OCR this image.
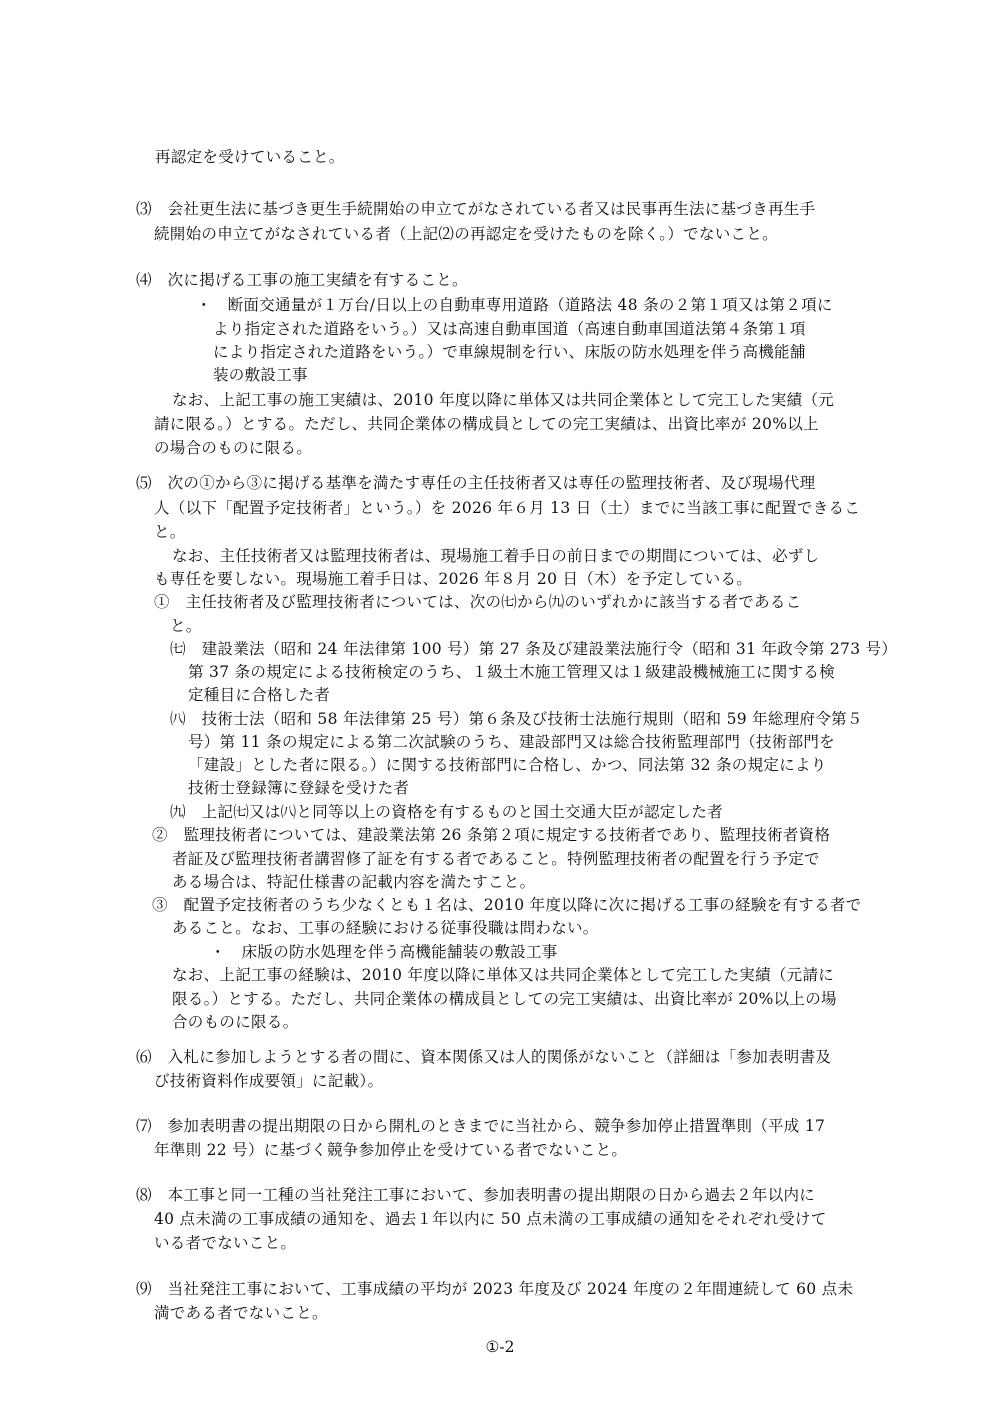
再認定を受けていること。
⑶　会社更生法に基づき更生手続開始の申立てがなされている者又は民事再生法に基づき再生手
続開始の申立てがなされている者（上記⑵の再認定を受けたものを除く。）でないこと。
⑷　次に掲げる工事の施工実績を有すること。
・　断面交通量が１万台/日以上の自動車専用道路（道路法 48 条の２第１項又は第２項に
より指定された道路をいう。）又は高速自動車国道（高速自動車国道法第４条第１項
により指定された道路をいう。）で車線規制を行い、床版の防水処理を伴う高機能舗
装の敷設工事
なお、上記工事の施工実績は、2010 年度以降に単体又は共同企業体として完工した実績（元
請に限る。）とする。ただし、共同企業体の構成員としての完工実績は、出資比率が 20%以上
の場合のものに限る。
⑸　次の①から③に掲げる基準を満たす専任の主任技術者又は専任の監理技術者、及び現場代理
人（以下「配置予定技術者」という。）を 2026 年６月 13 日（土）までに当該工事に配置できるこ
と。
なお、主任技術者又は監理技術者は、現場施工着手日の前日までの期間については、必ずし
も専任を要しない。現場施工着手日は、2026 年８月 20 日（木）を予定している。
①　主任技術者及び監理技術者については、次の㈦から㈨のいずれかに該当する者であるこ
と。
㈦　建設業法（昭和 24 年法律第 100 号）第 27 条及び建設業法施行令（昭和 31 年政令第 273 号）
第 37 条の規定による技術検定のうち、１級土木施工管理又は１級建設機械施工に関する検
定種目に合格した者
㈧　技術士法（昭和 58 年法律第 25 号）第６条及び技術士法施行規則（昭和 59 年総理府令第５
号）第 11 条の規定による第二次試験のうち、建設部門又は総合技術監理部門（技術部門を
「建設」とした者に限る。）に関する技術部門に合格し、かつ、同法第 32 条の規定により
技術士登録簿に登録を受けた者
㈨　上記㈦又は㈧と同等以上の資格を有するものと国土交通大臣が認定した者
②　監理技術者については、建設業法第 26 条第２項に規定する技術者であり、監理技術者資格
者証及び監理技術者講習修了証を有する者であること。特例監理技術者の配置を行う予定で
ある場合は、特記仕様書の記載内容を満たすこと。
③　配置予定技術者のうち少なくとも１名は、2010 年度以降に次に掲げる工事の経験を有する者で
あること。なお、工事の経験における従事役職は問わない。
・　床版の防水処理を伴う高機能舗装の敷設工事
なお、上記工事の経験は、2010 年度以降に単体又は共同企業体として完工した実績（元請に
限る。）とする。ただし、共同企業体の構成員としての完工実績は、出資比率が 20%以上の場
合のものに限る。
⑹　入札に参加しようとする者の間に、資本関係又は人的関係がないこと（詳細は「参加表明書及
び技術資料作成要領」に記載）。
⑺　参加表明書の提出期限の日から開札のときまでに当社から、競争参加停止措置準則（平成 17
年準則 22 号）に基づく競争参加停止を受けている者でないこと。
⑻　本工事と同一工種の当社発注工事において、参加表明書の提出期限の日から過去２年以内に
40 点未満の工事成績の通知を、過去１年以内に 50 点未満の工事成績の通知をそれぞれ受けて
いる者でないこと。
⑼　当社発注工事において、工事成績の平均が 2023 年度及び 2024 年度の２年間連続して 60 点未
満である者でないこと。
①-2
